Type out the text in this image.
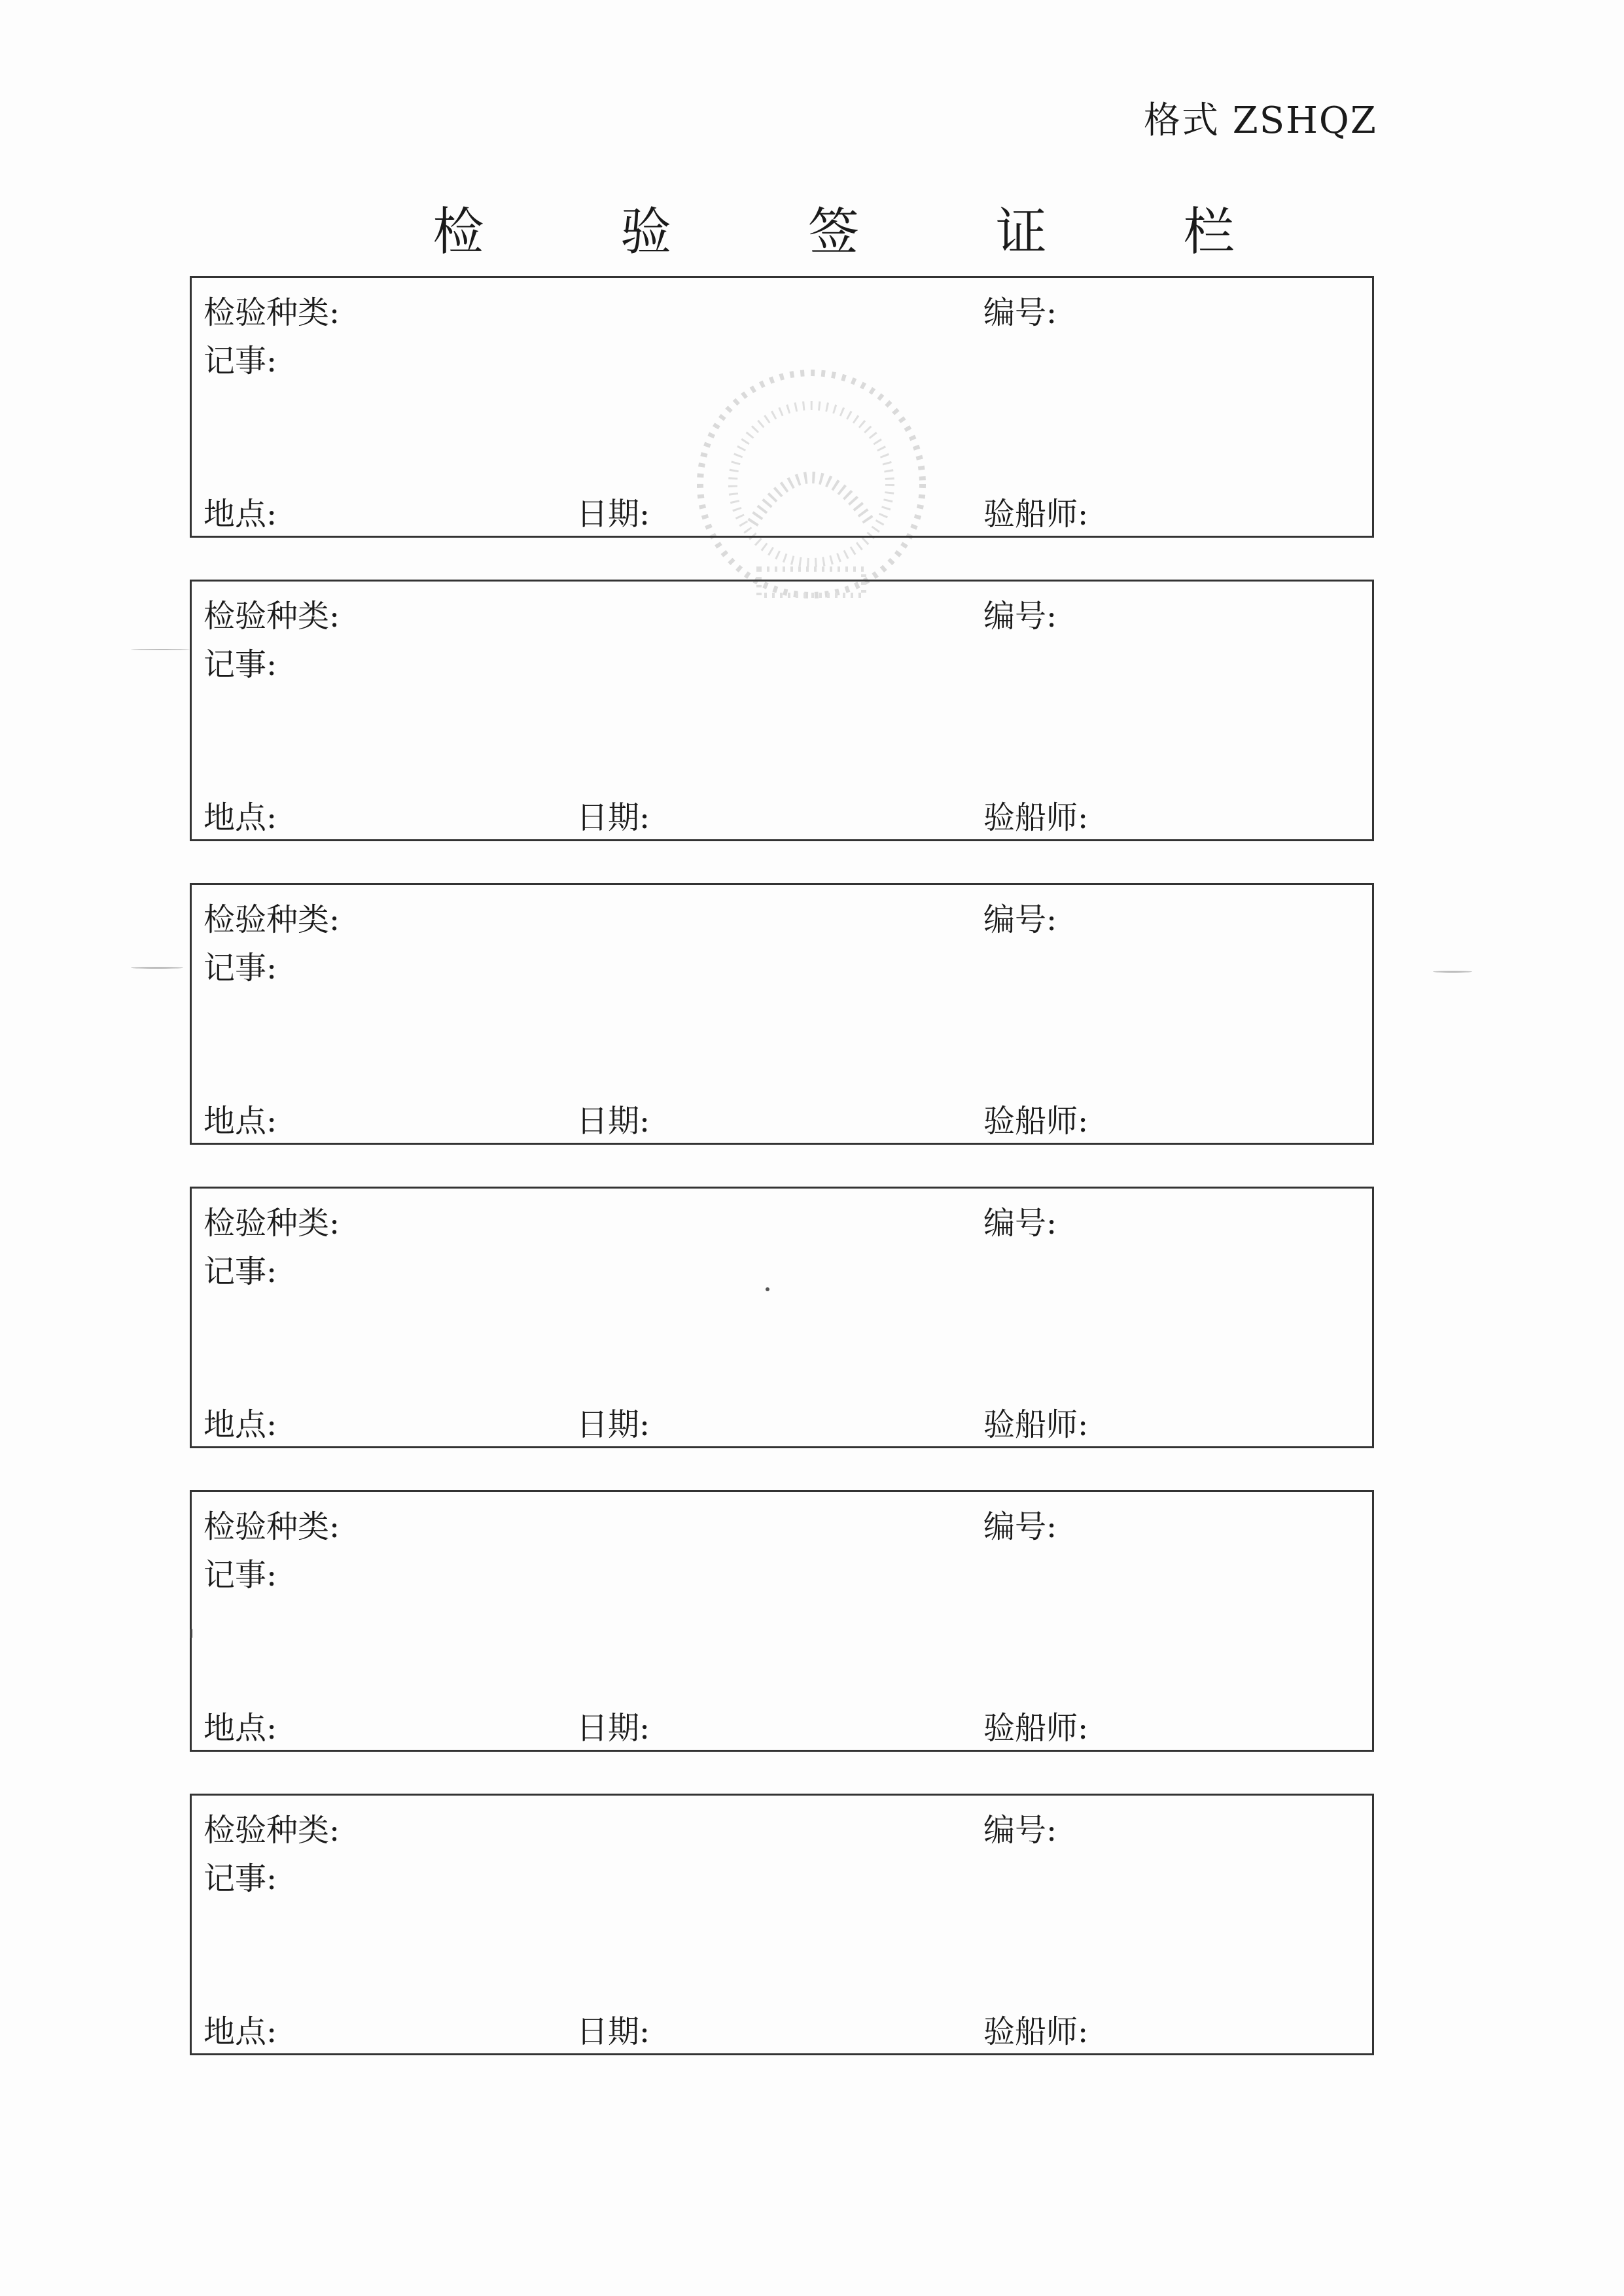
格式 ZSHQZ
检 验 签 证 栏
检验种类:	编号:
记事:
地点:	日期:	验船师:
检验种类:	编号:
记事:
地点:	日期:	验船师:
检验种类:	编号:
记事:
地点:	日期:	验船师:
检验种类:	编号:
记事:
地点:	日期:	验船师:
检验种类:	编号:
记事:
地点:	日期:	验船师:
检验种类:	编号:
记事:
地点:	日期:	验船师:
